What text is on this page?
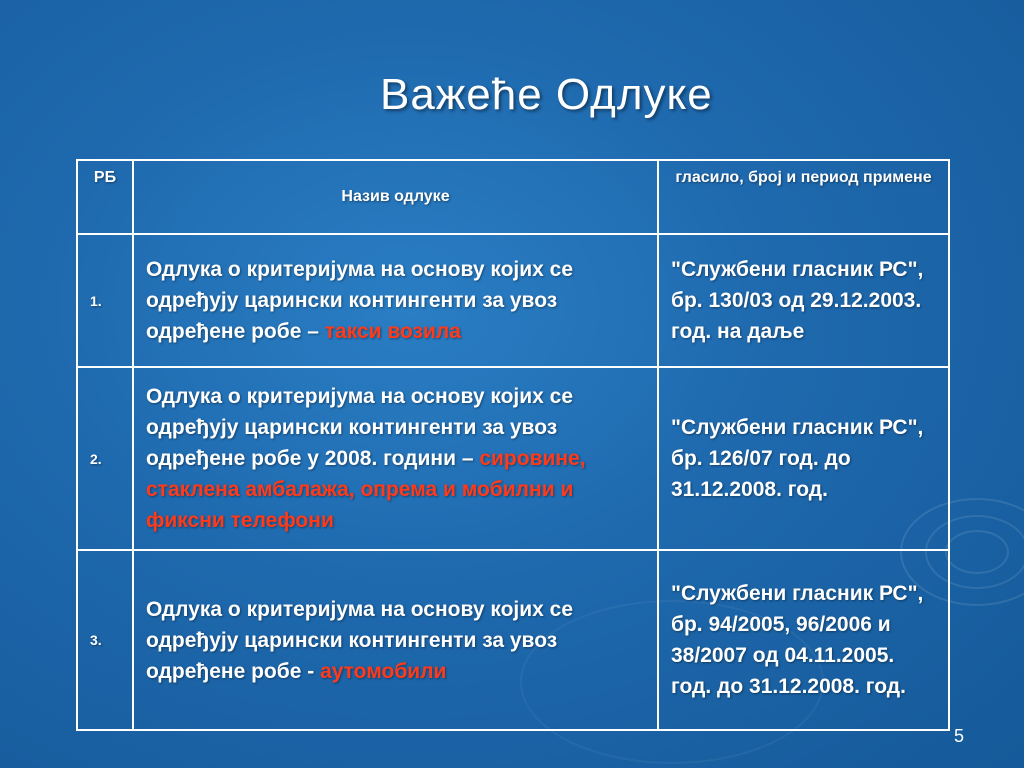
Важеће Одлуке
РБ	Назив одлуке	гласило, број и период примене
1.	Одлука о критеријума на основу којих се одређују царински контингенти за увоз одређене робе – такси возила	"Службени гласник РС", бр. 130/03 од 29.12.2003. год. на даље
2.	Одлука о критеријума на основу којих се одређују царински контингенти за увоз одређене робе у 2008. години – сировине, стаклена амбалажа, опрема и мобилни и фиксни телефони	"Службени гласник РС", бр. 126/07 год. до 31.12.2008. год.
3.	Одлука о критеријума на основу којих се одређују царински контингенти за увоз одређене робе - аутомобили	"Службени гласник РС", бр. 94/2005, 96/2006 и 38/2007 од 04.11.2005. год. до 31.12.2008. год.
5
